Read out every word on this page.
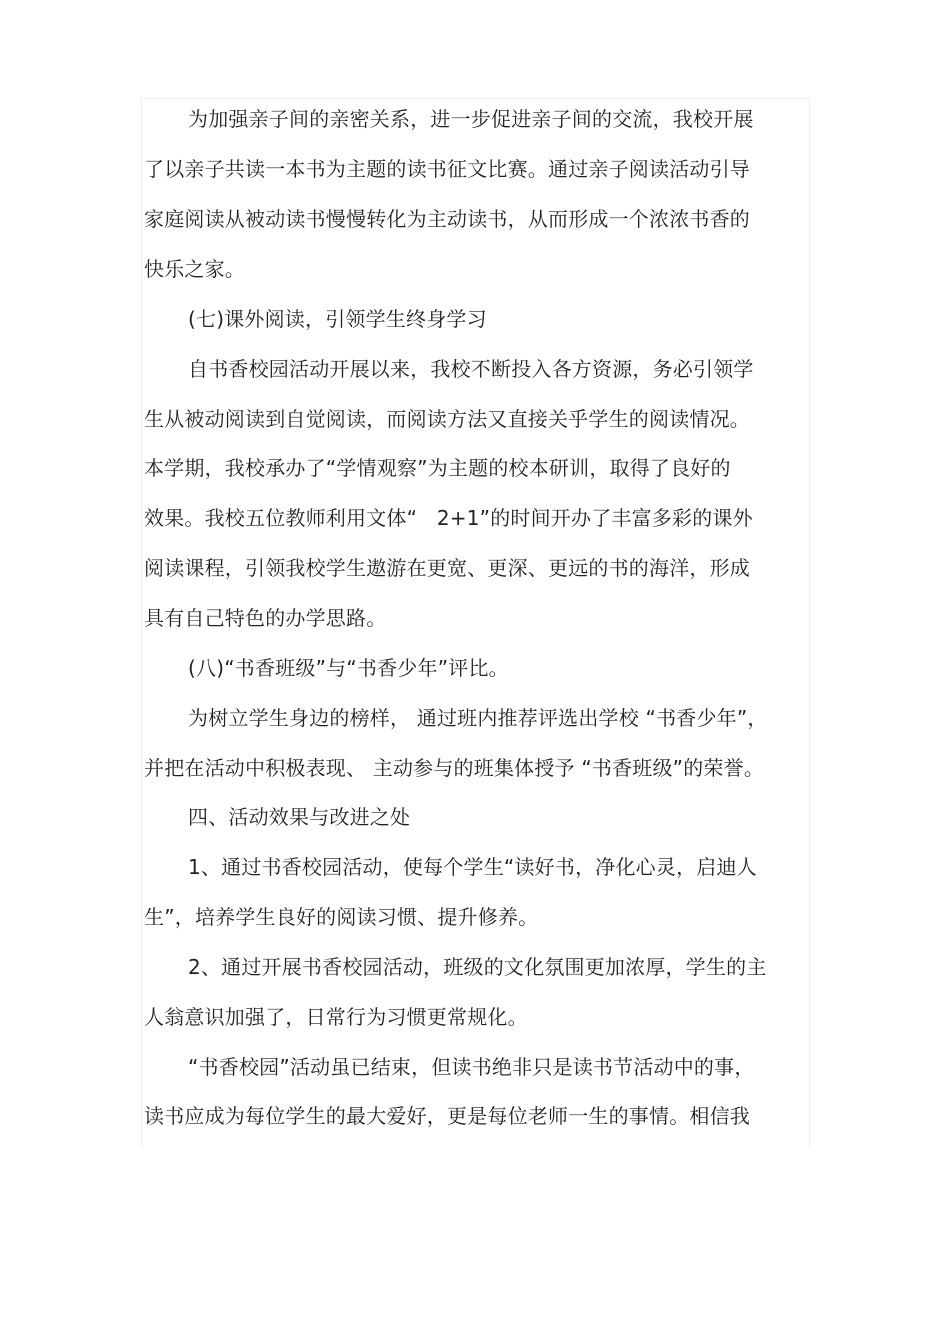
为加强亲子间的亲密关系，进一步促进亲子间的交流，我校开展
了以亲子共读一本书为主题的读书征文比赛。通过亲子阅读活动引导
家庭阅读从被动读书慢慢转化为主动读书，从而形成一个浓浓书香的
快乐之家。
(七)课外阅读，引领学生终身学习
自书香校园活动开展以来，我校不断投入各方资源，务必引领学
生从被动阅读到自觉阅读，而阅读方法又直接关乎学生的阅读情况。
本学期，我校承办了“学情观察”为主题的校本研训，取得了良好的
效果。我校五位教师利用文体“   2+1”的时间开办了丰富多彩的课外
阅读课程，引领我校学生遨游在更宽、更深、更远的书的海洋，形成
具有自己特色的办学思路。
(八)“书香班级”与“书香少年”评比。
为树立学生身边的榜样， 通过班内推荐评选出学校 “书香少年”，
并把在活动中积极表现、 主动参与的班集体授予 “书香班级”的荣誉。
四、活动效果与改进之处
1、通过书香校园活动，使每个学生“读好书，净化心灵，启迪人
生”，培养学生良好的阅读习惯、提升修养。
2、通过开展书香校园活动，班级的文化氛围更加浓厚，学生的主
人翁意识加强了，日常行为习惯更常规化。
“书香校园”活动虽已结束，但读书绝非只是读书节活动中的事，
读书应成为每位学生的最大爱好，更是每位老师一生的事情。相信我
